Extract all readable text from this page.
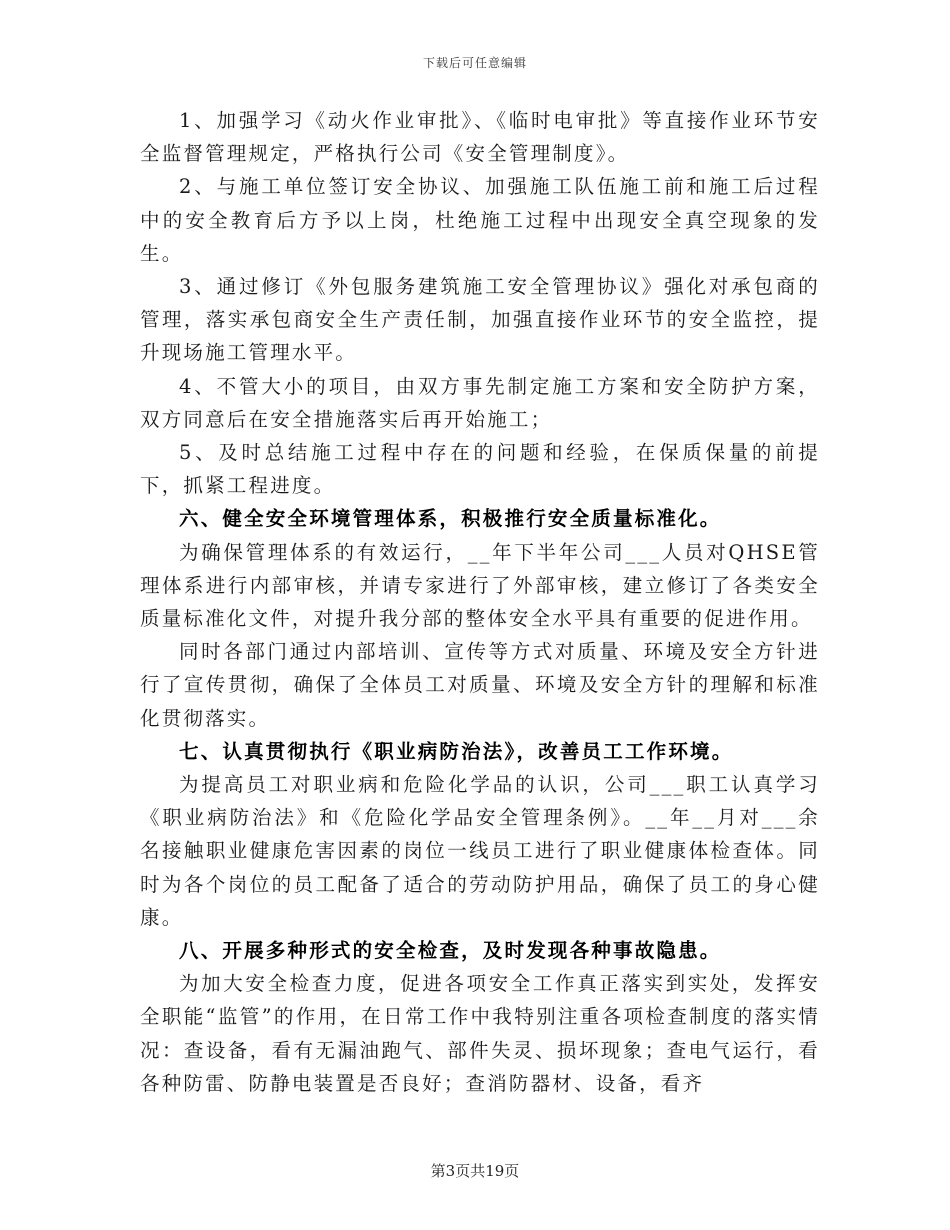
下载后可任意编辑

1、加强学习《动火作业审批》、《临时电审批》等直接作业环节安全监督管理规定，严格执行公司《安全管理制度》。

2、与施工单位签订安全协议、加强施工队伍施工前和施工后过程中的安全教育后方予以上岗，杜绝施工过程中出现安全真空现象的发生。

3、通过修订《外包服务建筑施工安全管理协议》强化对承包商的管理，落实承包商安全生产责任制，加强直接作业环节的安全监控，提升现场施工管理水平。

4、不管大小的项目，由双方事先制定施工方案和安全防护方案，双方同意后在安全措施落实后再开始施工；

5、及时总结施工过程中存在的问题和经验，在保质保量的前提下，抓紧工程进度。

六、健全安全环境管理体系，积极推行安全质量标准化。

为确保管理体系的有效运行，__年下半年公司___人员对QHSE管理体系进行内部审核，并请专家进行了外部审核，建立修订了各类安全质量标准化文件，对提升我分部的整体安全水平具有重要的促进作用。

同时各部门通过内部培训、宣传等方式对质量、环境及安全方针进行了宣传贯彻，确保了全体员工对质量、环境及安全方针的理解和标准化贯彻落实。

七、认真贯彻执行《职业病防治法》，改善员工工作环境。

为提高员工对职业病和危险化学品的认识，公司___职工认真学习《职业病防治法》和《危险化学品安全管理条例》。__年__月对___余名接触职业健康危害因素的岗位一线员工进行了职业健康体检查体。同时为各个岗位的员工配备了适合的劳动防护用品，确保了员工的身心健康。

八、开展多种形式的安全检查，及时发现各种事故隐患。

为加大安全检查力度，促进各项安全工作真正落实到实处，发挥安全职能“监管”的作用，在日常工作中我特别注重各项检查制度的落实情况：查设备，看有无漏油跑气、部件失灵、损坏现象；查电气运行，看各种防雷、防静电装置是否良好；查消防器材、设备，看齐

第3页共19页
